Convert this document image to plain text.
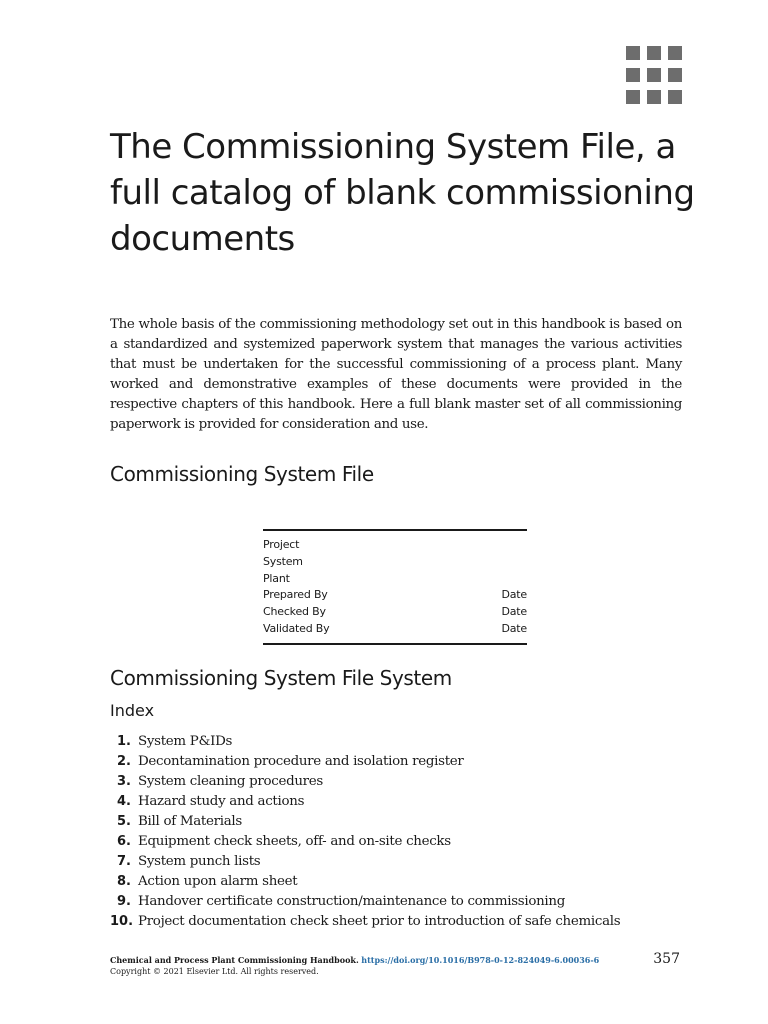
The Commissioning System File, a full catalog of blank commissioning documents

The whole basis of the commissioning methodology set out in this handbook is based on a standardized and systemized paperwork system that manages the various activities that must be undertaken for the successful commissioning of a process plant. Many worked and demonstrative examples of these documents were provided in the respective chapters of this handbook. Here a full blank master set of all commissioning paperwork is provided for consideration and use.

Commissioning System File
Project
System
Plant
Prepared By	Date
Checked By	Date
Validated By	Date
Commissioning System File System
Index
1. System P&IDs
2. Decontamination procedure and isolation register
3. System cleaning procedures
4. Hazard study and actions
5. Bill of Materials
6. Equipment check sheets, off- and on-site checks
7. System punch lists
8. Action upon alarm sheet
9. Handover certificate construction/maintenance to commissioning
10. Project documentation check sheet prior to introduction of safe chemicals
Chemical and Process Plant Commissioning Handbook. https://doi.org/10.1016/B978-0-12-824049-6.00036-6
Copyright © 2021 Elsevier Ltd. All rights reserved.
357
